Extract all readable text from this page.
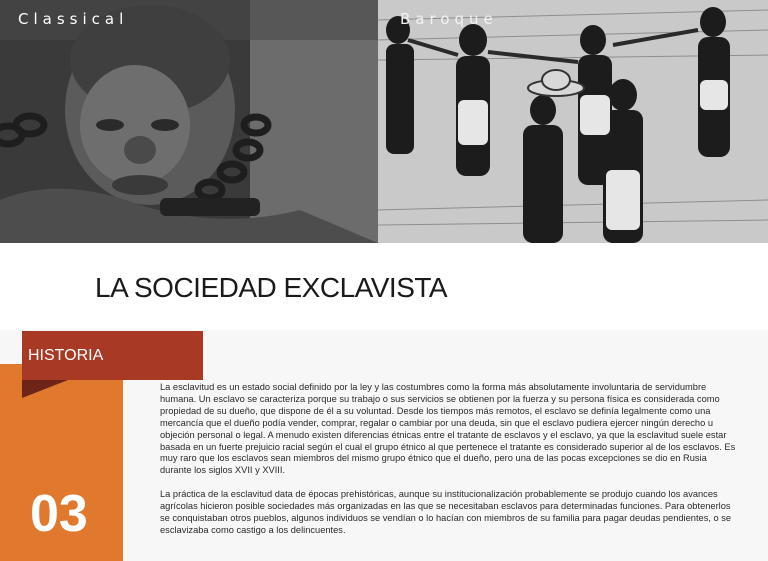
Classical	Baroque
LA SOCIEDAD EXCLAVISTA
HISTORIA
03

La esclavitud es un estado social definido por la ley y las costumbres como la forma más absolutamente involuntaria de servidumbre humana. Un esclavo se caracteriza porque su trabajo o sus servicios se obtienen por la fuerza y su persona física es considerada como propiedad de su dueño, que dispone de él a su voluntad. Desde los tiempos más remotos, el esclavo se definía legalmente como una mercancía que el dueño podía vender, comprar, regalar o cambiar por una deuda, sin que el esclavo pudiera ejercer ningún derecho u objeción personal o legal. A menudo existen diferencias étnicas entre el tratante de esclavos y el esclavo, ya que la esclavitud suele estar basada en un fuerte prejuicio racial según el cual el grupo étnico al que pertenece el tratante es considerado superior al de los esclavos. Es muy raro que los esclavos sean miembros del mismo grupo étnico que el dueño, pero una de las pocas excepciones se dio en Rusia durante los siglos XVII y XVIII.

La práctica de la esclavitud data de épocas prehistóricas, aunque su institucionalización probablemente se produjo cuando los avances agrícolas hicieron posible sociedades más organizadas en las que se necesitaban esclavos para determinadas funciones. Para obtenerlos se conquistaban otros pueblos, algunos individuos se vendían o lo hacían con miembros de su familia para pagar deudas pendientes, o se esclavizaba como castigo a los delincuentes.
